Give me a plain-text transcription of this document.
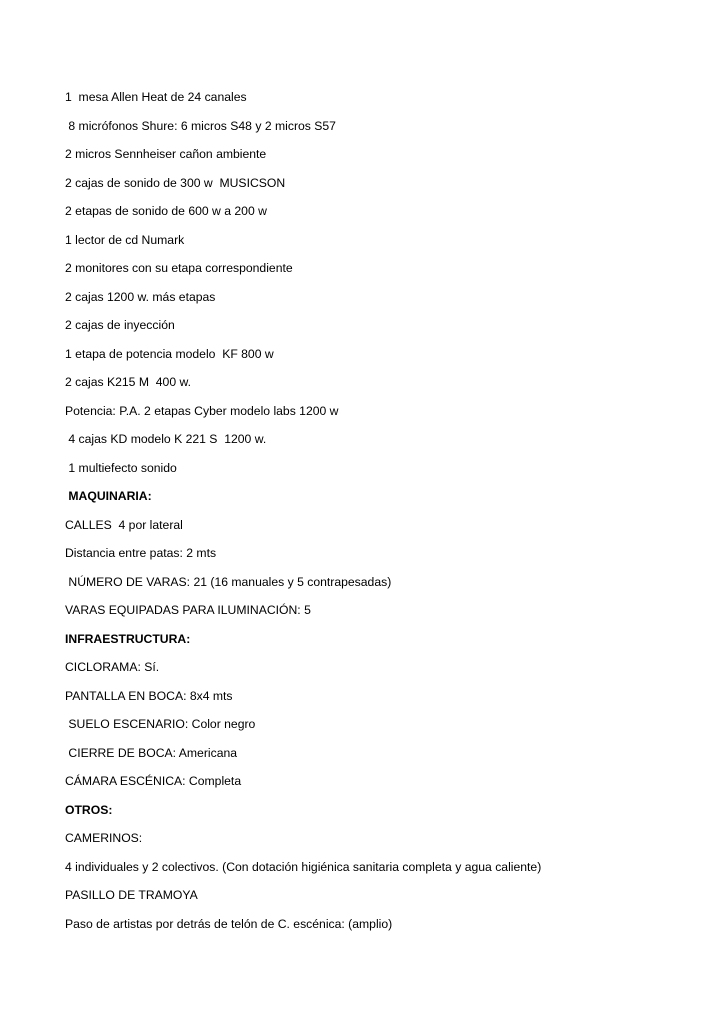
1  mesa Allen Heat de 24 canales
8 micrófonos Shure: 6 micros S48 y 2 micros S57
2 micros Sennheiser cañon ambiente
2 cajas de sonido de 300 w  MUSICSON
2 etapas de sonido de 600 w a 200 w
1 lector de cd Numark
2 monitores con su etapa correspondiente
2 cajas 1200 w. más etapas
2 cajas de inyección
1 etapa de potencia modelo  KF 800 w
2 cajas K215 M  400 w.
Potencia: P.A. 2 etapas Cyber modelo labs 1200 w
4 cajas KD modelo K 221 S  1200 w.
1 multiefecto sonido
MAQUINARIA:
CALLES  4 por lateral
Distancia entre patas: 2 mts
NÚMERO DE VARAS: 21 (16 manuales y 5 contrapesadas)
VARAS EQUIPADAS PARA ILUMINACIÓN: 5
INFRAESTRUCTURA:
CICLORAMA: Sí.
PANTALLA EN BOCA: 8x4 mts
SUELO ESCENARIO: Color negro
CIERRE DE BOCA: Americana
CÁMARA ESCÉNICA: Completa
OTROS:
CAMERINOS:
4 individuales y 2 colectivos. (Con dotación higiénica sanitaria completa y agua caliente)
PASILLO DE TRAMOYA
Paso de artistas por detrás de telón de C. escénica: (amplio)
